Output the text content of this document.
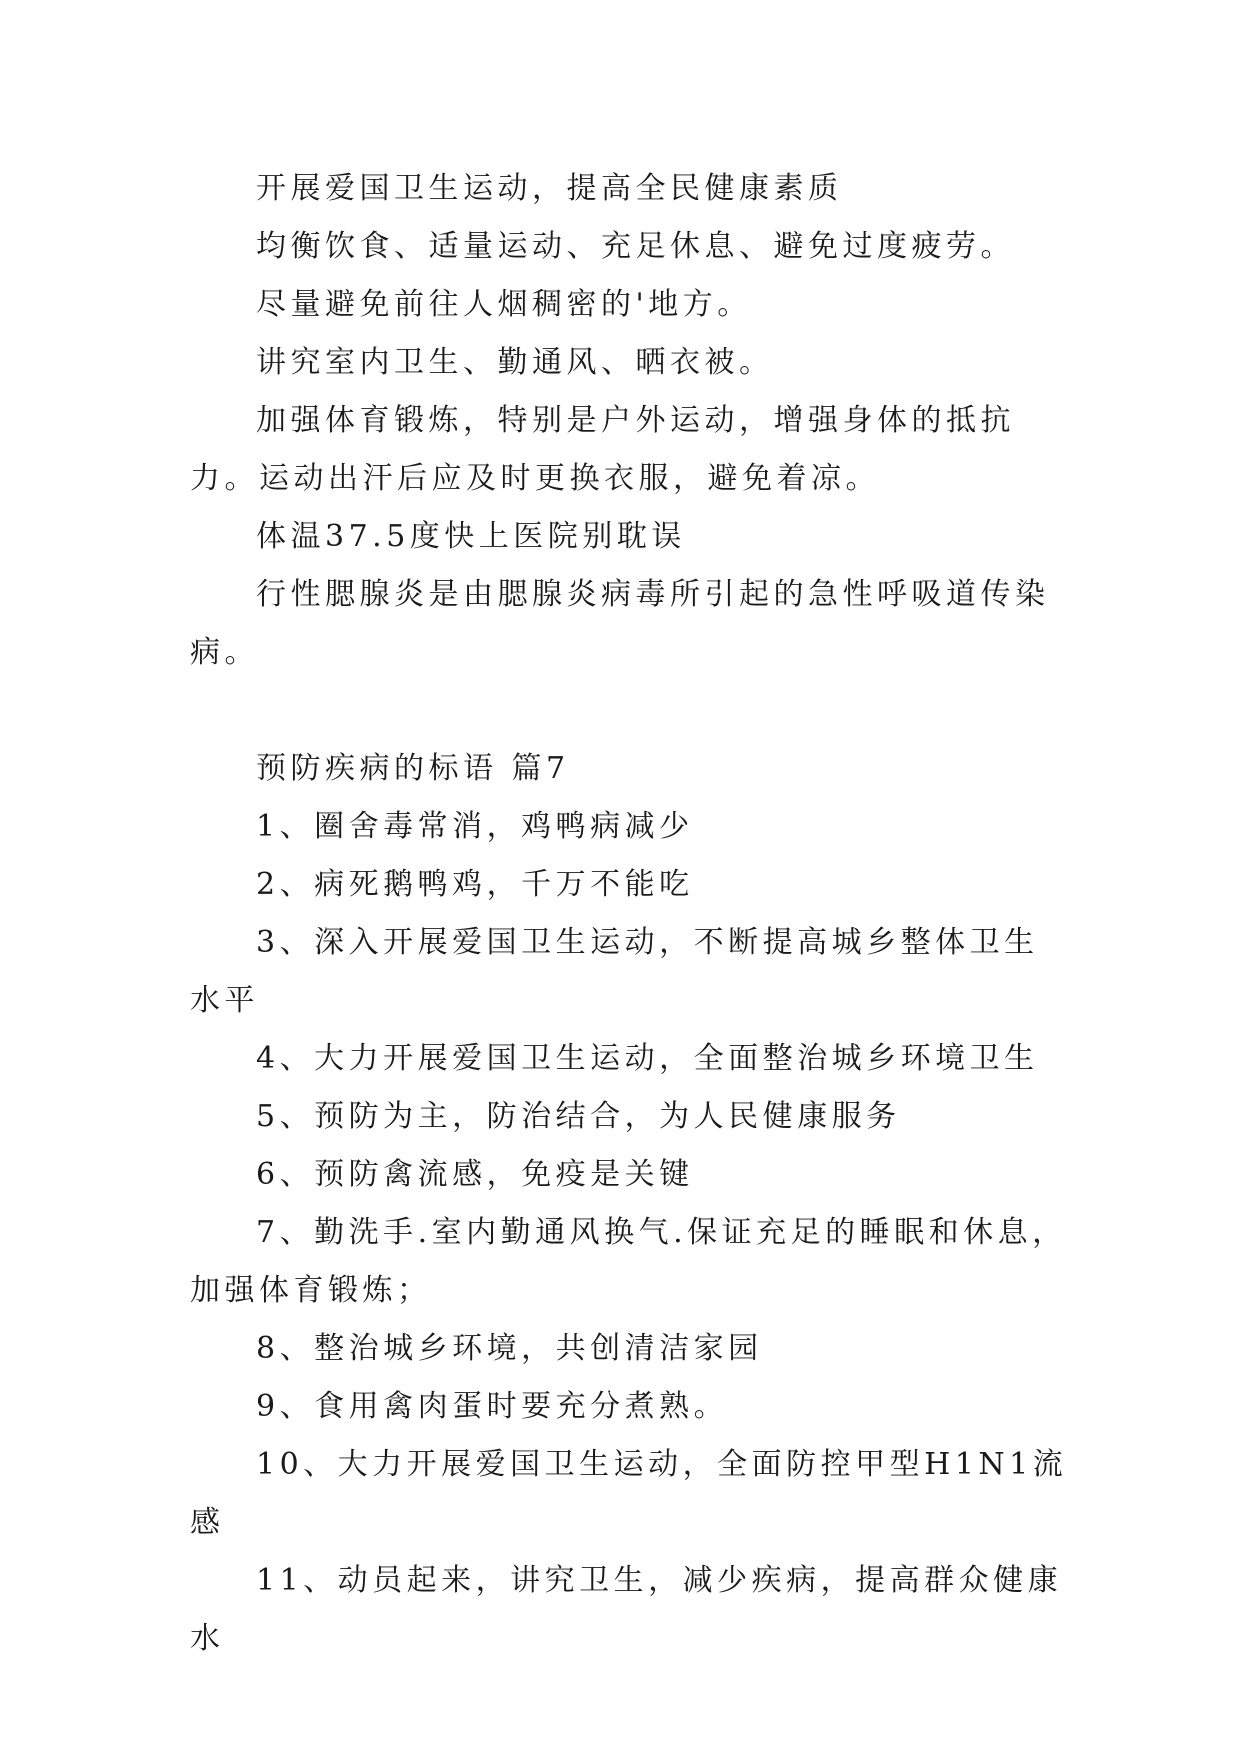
开展爱国卫生运动，提高全民健康素质

均衡饮食、适量运动、充足休息、避免过度疲劳。

尽量避免前往人烟稠密的'地方。

讲究室内卫生、勤通风、晒衣被。

加强体育锻炼，特别是户外运动，增强身体的抵抗力。运动出汗后应及时更换衣服，避免着凉。

体温37.5度快上医院别耽误

行性腮腺炎是由腮腺炎病毒所引起的急性呼吸道传染病。

预防疾病的标语 篇7

1、圈舍毒常消，鸡鸭病减少

2、病死鹅鸭鸡，千万不能吃

3、深入开展爱国卫生运动，不断提高城乡整体卫生水平

4、大力开展爱国卫生运动，全面整治城乡环境卫生

5、预防为主，防治结合，为人民健康服务

6、预防禽流感，免疫是关键

7、勤洗手.室内勤通风换气.保证充足的睡眠和休息，加强体育锻炼；

8、整治城乡环境，共创清洁家园

9、食用禽肉蛋时要充分煮熟。

10、大力开展爱国卫生运动，全面防控甲型H1N1流感

11、动员起来，讲究卫生，减少疾病，提高群众健康水
